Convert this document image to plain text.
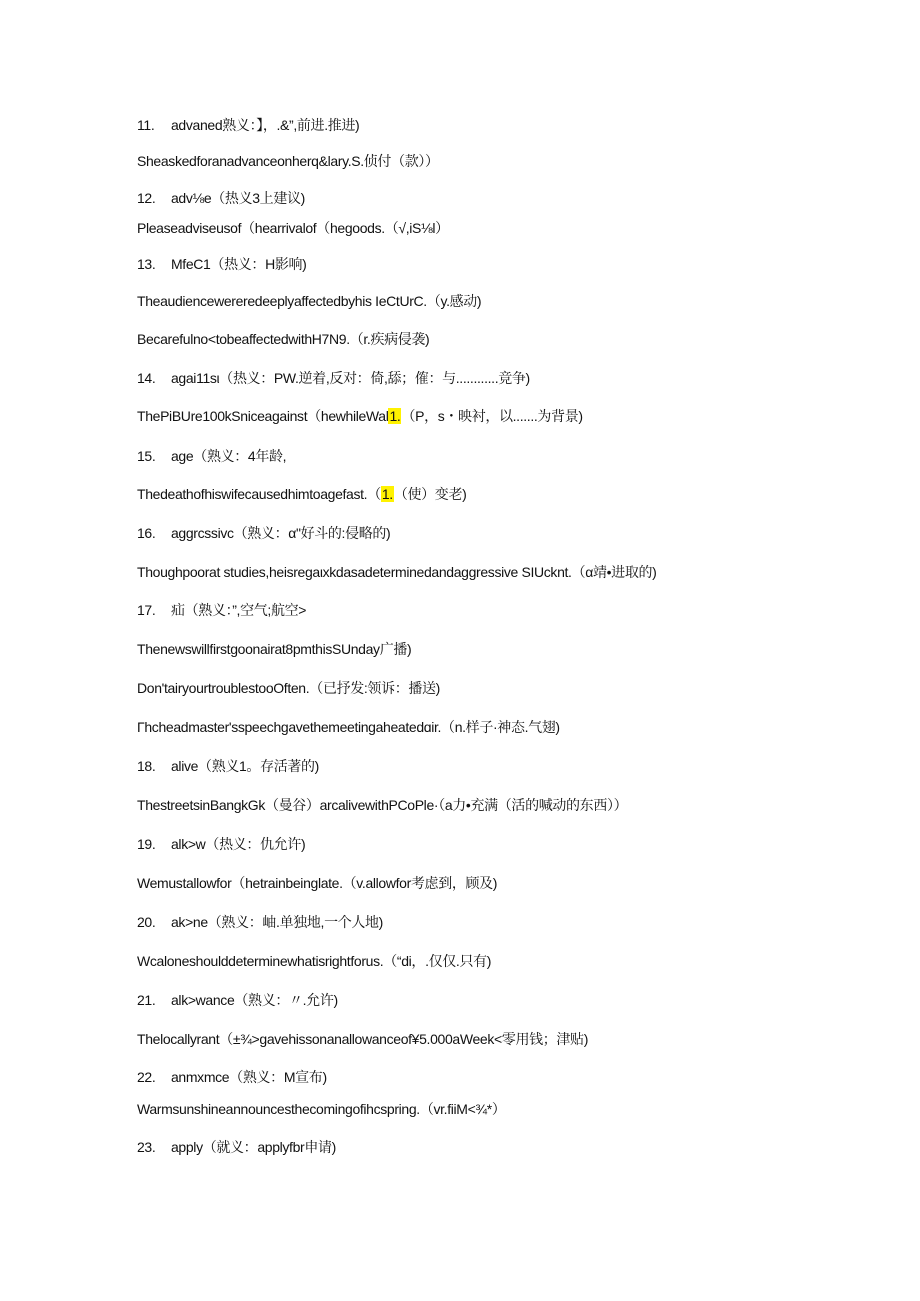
11. advaned熟义：】，.&”,前进.推进)
Sheaskedforanadvanceonherq&lary.S.侦付（款））
12. adv⅛e（热义3上建议)
Pleaseadviseusof（hearrivalof（hegoods.（√,iS⅛l）
13. MfeC1（热义：H影响)
Theaudiencewereredeeplyaffectedbyhis IeCtUrC.（y.感动)
Becarefulno<tobeaffectedwithH7N9.（r.疾病侵袭)
14. agai11sι（热义：PW.逆着,反对：倚,舔；傕：与............竞争)
ThePiBUre100kSniceagainst（hewhileWal1.（P，s・映衬，以.......为背景)
15. age（熟义：4年龄,
Thedeathofhiswifecausedhimtoagefast.（1.（使）变老)
16. aggrcssivc（熟义：α"好斗的:侵略的)
Thoughpoorat studies,heisregaιxkdasadeterminedandaggressive SIUcknt.（α靖•进取的)
17. 疝（熟义：”,空气;航空>
Thenewswillfirstgoonairat8pmthisSUnday广播)
Don'tairyourtroublestooOften.（已抒发:领诉：播送)
Γhcheadmaster'sspeechgavethemeetingaheatedɑir.（n.样子·神态.气翅)
18. alive（熟义1。存活著的)
ThestreetsinBangkGk（曼谷）arcalivewithPCoPle·（a力•充满（活的喊动的东西））
19. alk>w（热义：仇允许)
Wemustallowfor（hetrainbeinglate.（v.allowfor考虑到，顾及)
20. ak>ne（熟义：岫.单独地,一个人地)
Wcaloneshoulddeterminewhatisrightforus.（“di，.仅仅.只有)
21. alk>wance（熟义：〃.允许)
Thelocallyrant（±¾>gavehissonanallowanceof¥5.000aWeek<零用钱；津贴)
22. anmxmce（熟义：M宣布)
Warmsunshineannouncesthecomingofihcspring.（vr.fiiM<¾*）
23. apply（就义：applyfbr申请)
